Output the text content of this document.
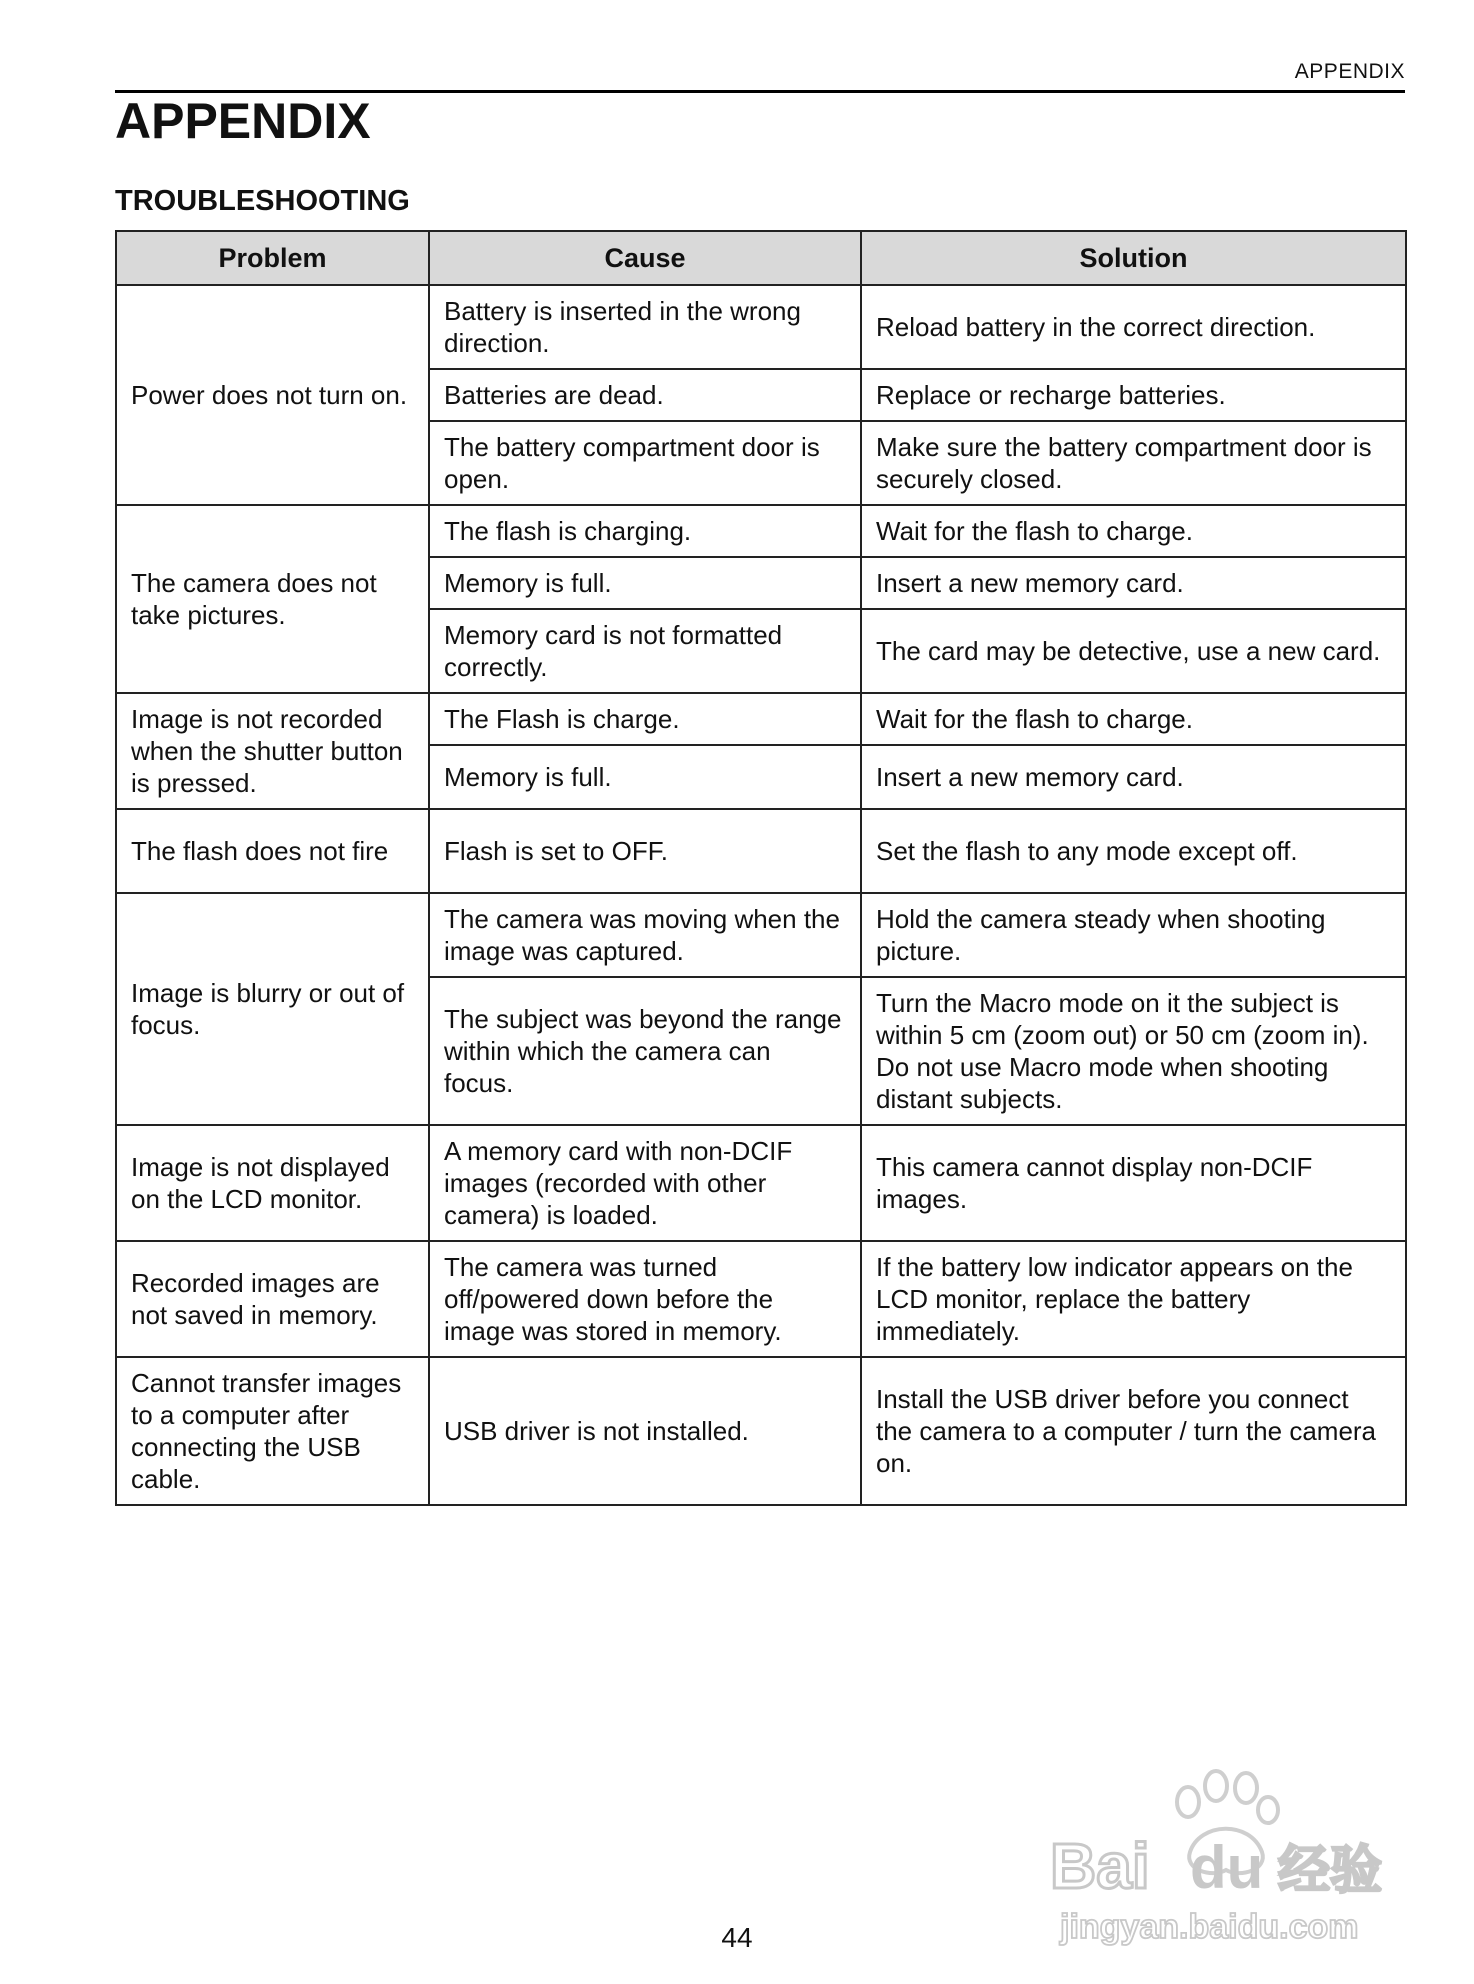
APPENDIX
APPENDIX
TROUBLESHOOTING
Problem	Cause	Solution
Power does not turn on.	Battery is inserted in the wrong direction.	Reload battery in the correct direction.
	Batteries are dead.	Replace or recharge batteries.
	The battery compartment door is open.	Make sure the battery compartment door is securely closed.
The camera does not take pictures.	The flash is charging.	Wait for the flash to charge.
	Memory is full.	Insert a new memory card.
	Memory card is not formatted correctly.	The card may be detective, use a new card.
Image is not recorded when the shutter button is pressed.	The Flash is charge.	Wait for the flash to charge.
	Memory is full.	Insert a new memory card.
The flash does not fire	Flash is set to OFF.	Set the flash to any mode except off.
Image is blurry or out of focus.	The camera was moving when the image was captured.	Hold the camera steady when shooting picture.
	The subject was beyond the range within which the camera can focus.	Turn the Macro mode on it the subject is within 5 cm (zoom out) or 50 cm (zoom in). Do not use Macro mode when shooting distant subjects.
Image is not displayed on the LCD monitor.	A memory card with non-DCIF images (recorded with other camera) is loaded.	This camera cannot display non-DCIF images.
Recorded images are not saved in memory.	The camera was turned off/powered down before the image was stored in memory.	If the battery low indicator appears on the LCD monitor, replace the battery immediately.
Cannot transfer images to a computer after connecting the USB cable.	USB driver is not installed.	Install the USB driver before you connect the camera to a computer / turn the camera on.
44
Bai du 经验
jingyan.baidu.com
